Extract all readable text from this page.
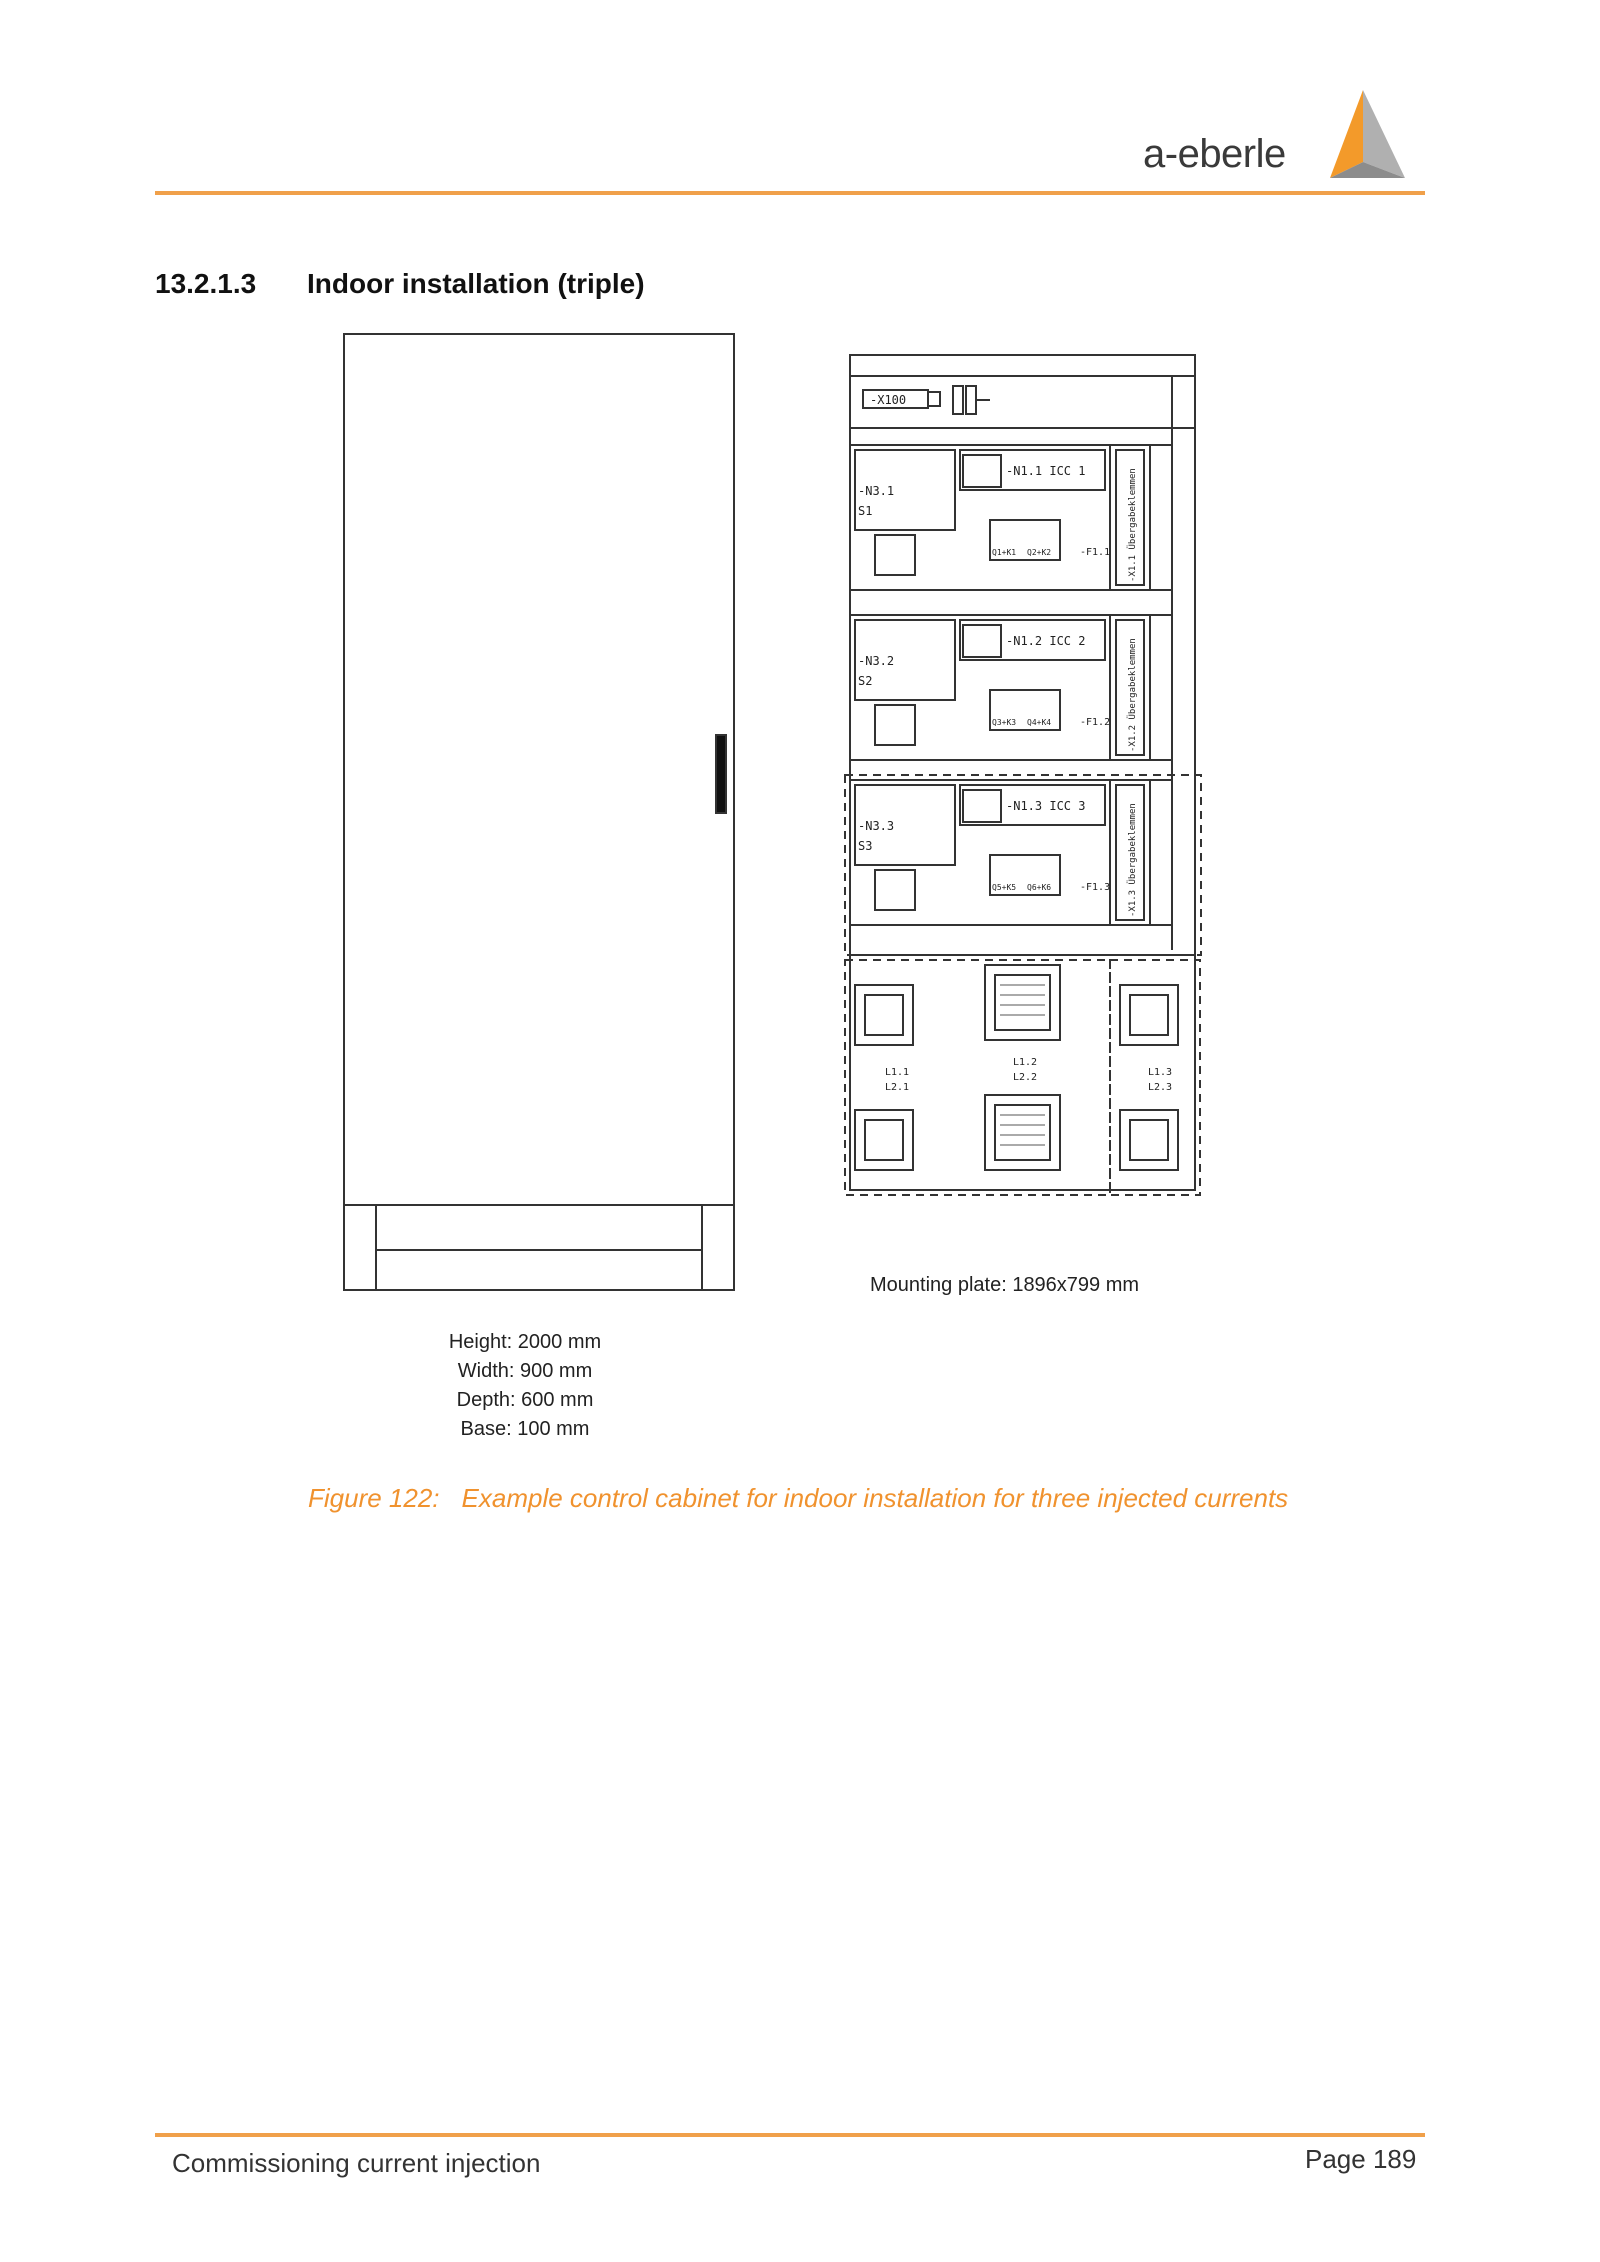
a-eberle
13.2.1.3 Indoor installation (triple)
-X100
-N3.1
S1
-N1.1 ICC 1
Q1+K1 Q2+K2	-F1.1 -X1.1 Übergabeklemmen
-N3.2
S2
-N1.2 ICC 2
Q3+K3 Q4+K4	-F1.2 -X1.2 Übergabeklemmen
-N3.3
S3
-N1.3 ICC 3
Q5+K5 Q6+K6	-F1.3 -X1.3 Übergabeklemmen
L1.1
L2.1
L1.2
L2.2	L1.3
L2.3
Mounting plate: 1896x799 mm
Height: 2000 mm
Width: 900 mm
Depth: 600 mm
Base: 100 mm
Figure 122: Example control cabinet for indoor installation for three injected currents
Commissioning current injection	Page 189
